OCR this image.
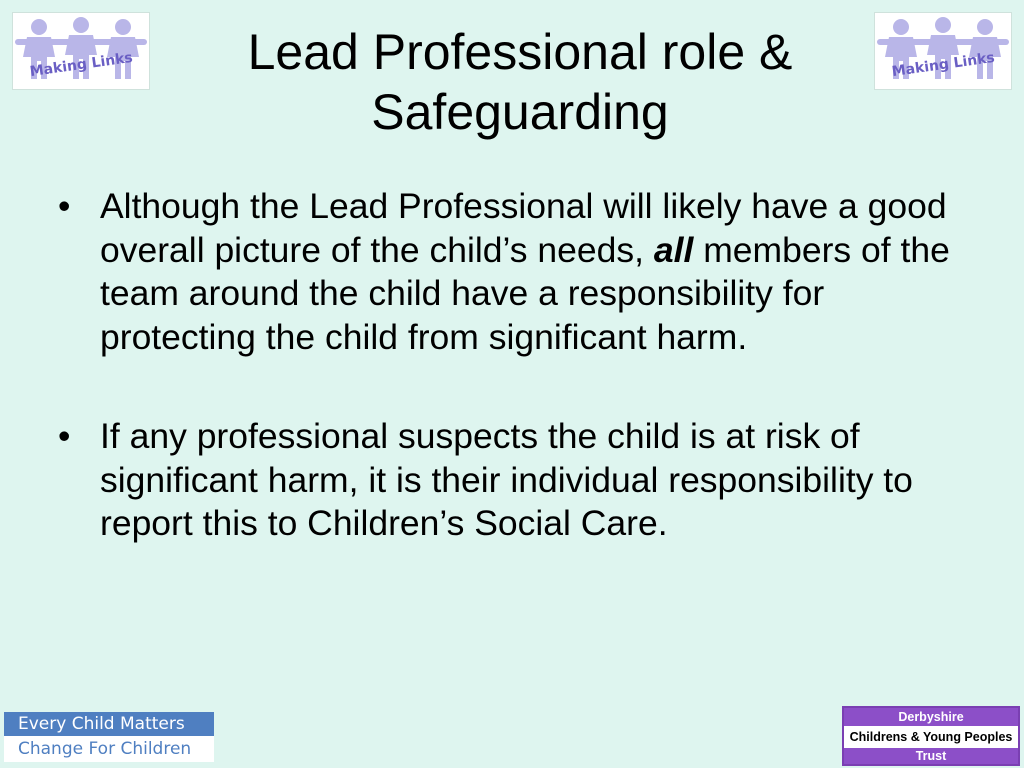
Making Links	Making Links
Lead Professional role & Safeguarding
• Although the Lead Professional will likely have a good overall picture of the child’s needs, all members of the team around the child have a responsibility for protecting the child from significant harm.
• If any professional suspects the child is at risk of significant harm, it is their individual responsibility to report this to Children’s Social Care.
Every Child Matters
Change For Children
Derbyshire
Childrens & Young Peoples
Trust
